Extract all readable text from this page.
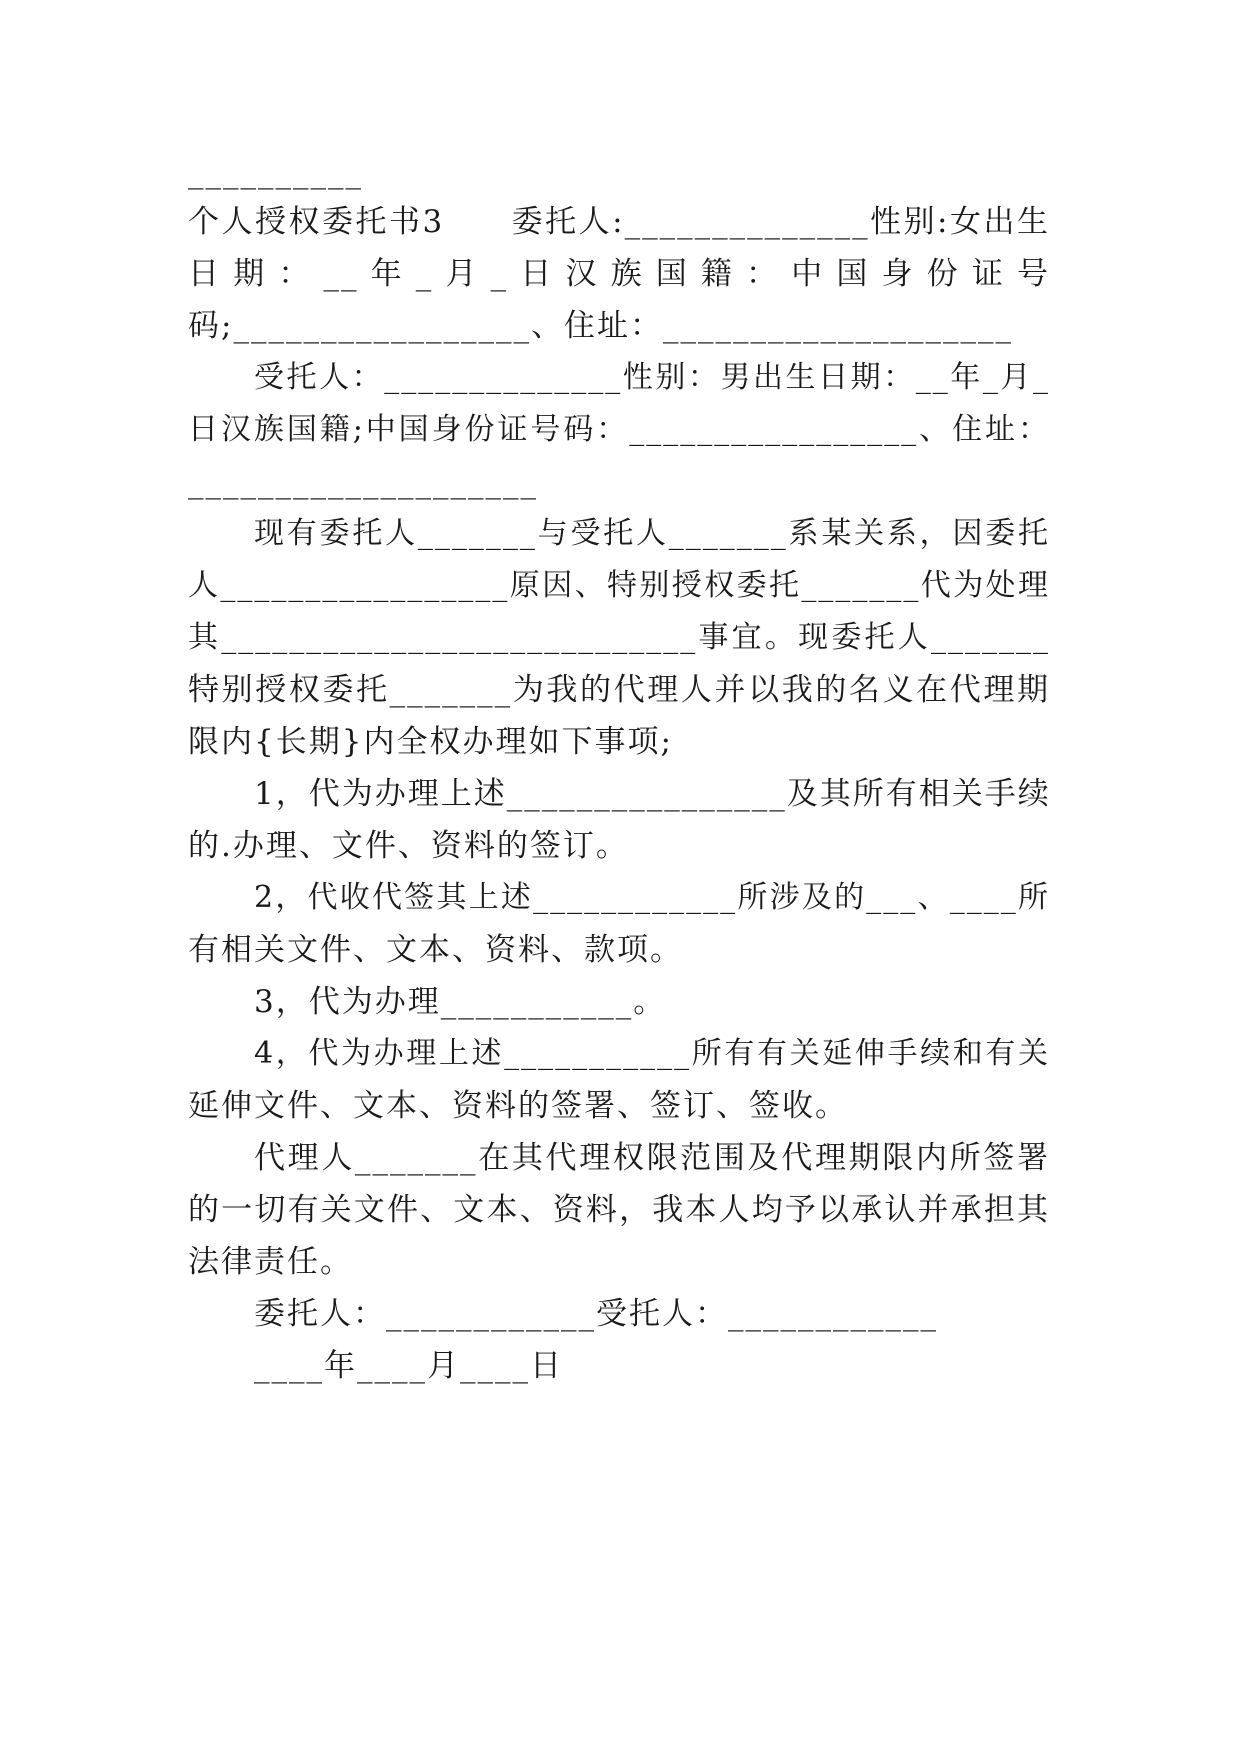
__________
个人授权委托书3　　委托人:______________性别:女出生
日期：__年_月_日汉族国籍：中国身份证号
码;_________________、住址：____________________
受托人：______________性别：男出生日期：__年_月_
日汉族国籍;中国身份证号码：_________________、住址：
____________________
现有委托人_______与受托人_______系某关系，因委托
人_________________原因、特别授权委托_______代为处理
其____________________________事宜。现委托人_______
特别授权委托_______为我的代理人并以我的名义在代理期
限内{长期}内全权办理如下事项;
1，代为办理上述________________及其所有相关手续
的.办理、文件、资料的签订。
2，代收代签其上述____________所涉及的___、____所
有相关文件、文本、资料、款项。
3，代为办理___________。
4，代为办理上述___________所有有关延伸手续和有关
延伸文件、文本、资料的签署、签订、签收。
代理人_______在其代理权限范围及代理期限内所签署
的一切有关文件、文本、资料，我本人均予以承认并承担其
法律责任。
委托人：____________受托人：____________
____年____月____日
